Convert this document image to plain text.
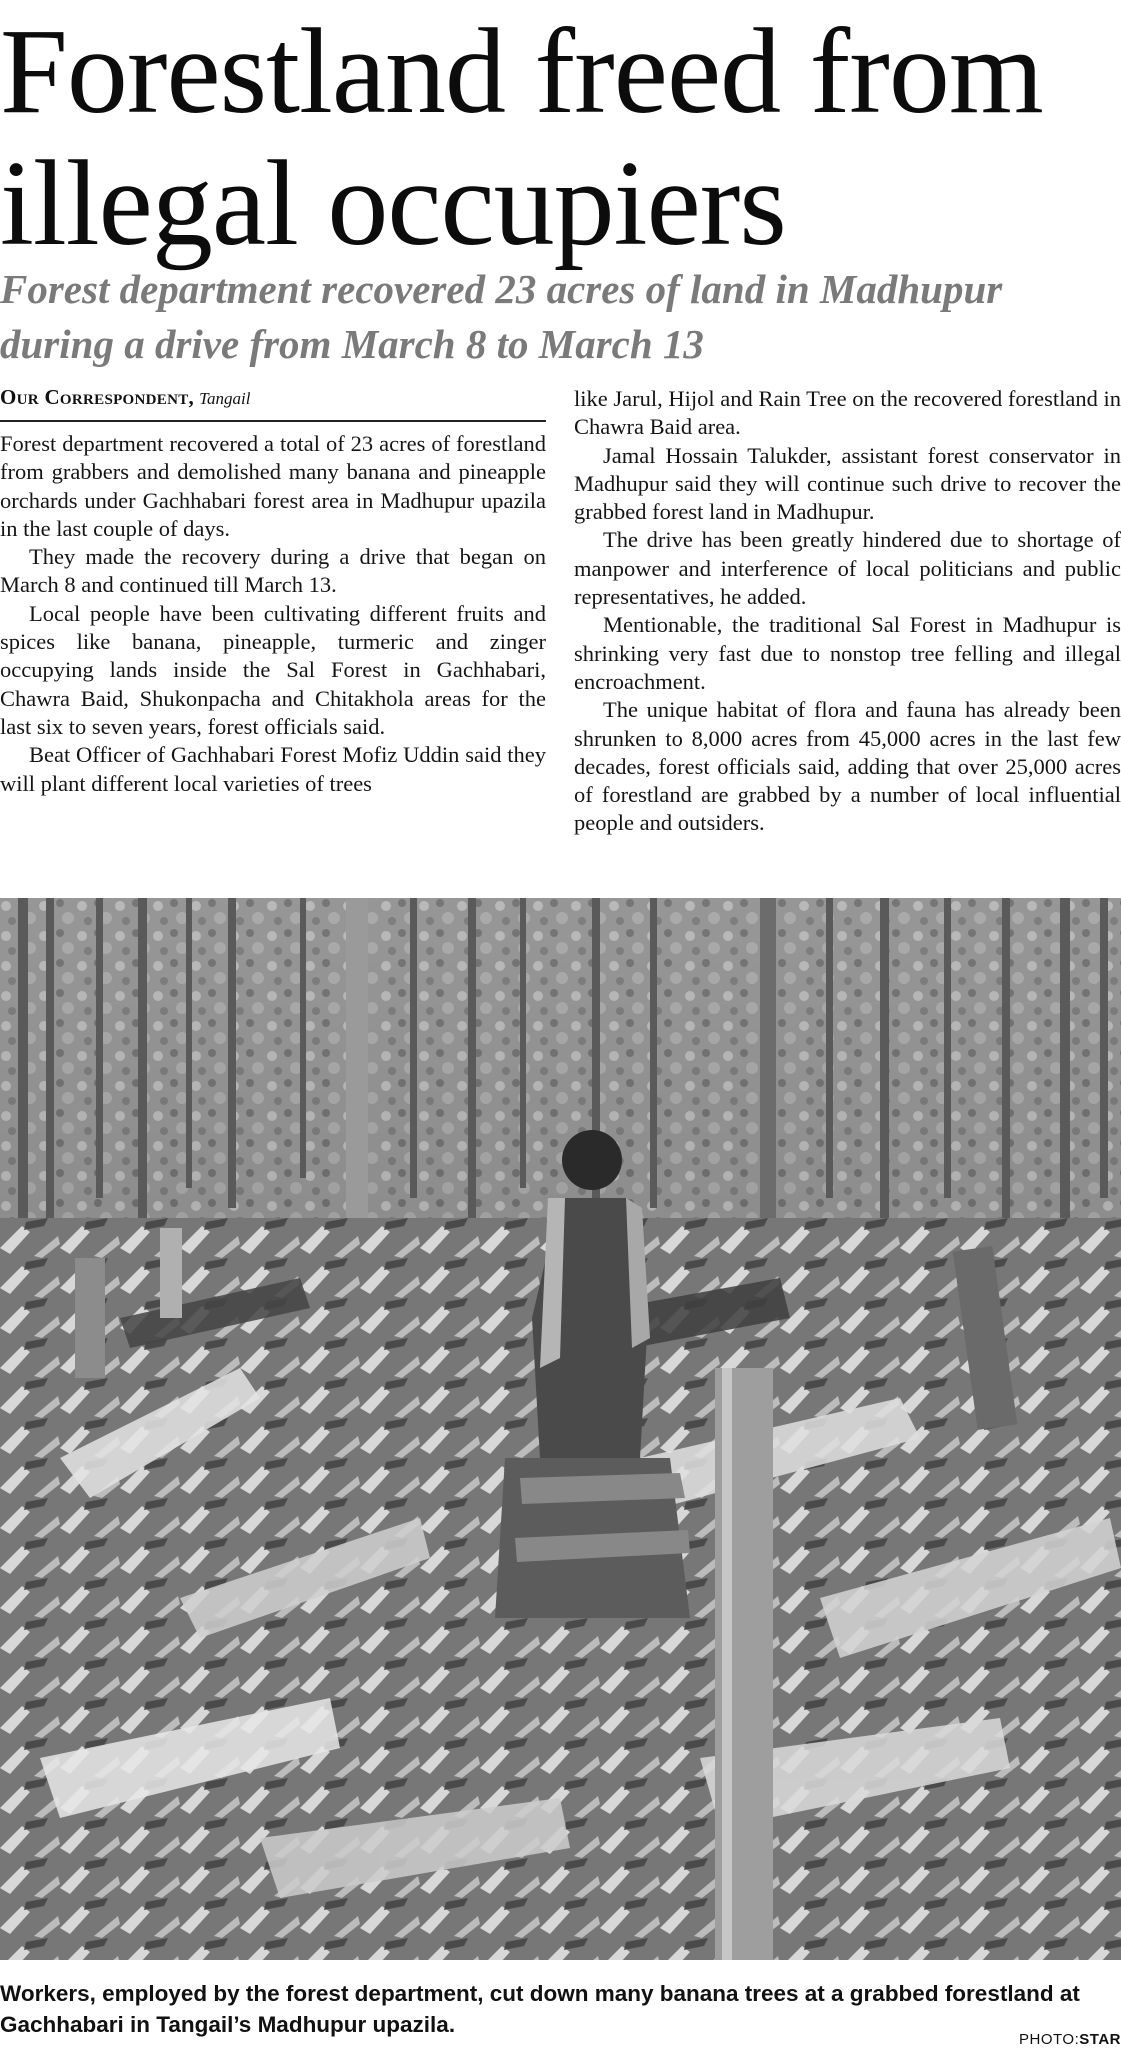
Forestland freed from illegal occupiers
Forest department recovered 23 acres of land in Madhupur during a drive from March 8 to March 13
Our Correspondent, Tangail

Forest department recovered a total of 23 acres of forestland from grabbers and demolished many banana and pineapple orchards under Gachhabari forest area in Madhupur upazila in the last couple of days.

They made the recovery during a drive that began on March 8 and continued till March 13.

Local people have been cultivating different fruits and spices like banana, pineapple, turmeric and zinger occupying lands inside the Sal Forest in Gachhabari, Chawra Baid, Shukonpacha and Chitakhola areas for the last six to seven years, forest officials said.

Beat Officer of Gachhabari Forest Mofiz Uddin said they will plant different local varieties of trees

like Jarul, Hijol and Rain Tree on the recovered forestland in Chawra Baid area.

Jamal Hossain Talukder, assistant forest conservator in Madhupur said they will continue such drive to recover the grabbed forest land in Madhupur.

The drive has been greatly hindered due to shortage of manpower and interference of local politicians and public representatives, he added.

Mentionable, the traditional Sal Forest in Madhupur is shrinking very fast due to nonstop tree felling and illegal encroachment.

The unique habitat of flora and fauna has already been shrunken to 8,000 acres from 45,000 acres in the last few decades, forest officials said, adding that over 25,000 acres of forestland are grabbed by a number of local influential people and outsiders.

Workers, employed by the forest department, cut down many banana trees at a grabbed forestland at Gachhabari in Tangail’s Madhupur upazila.

PHOTO:STAR
